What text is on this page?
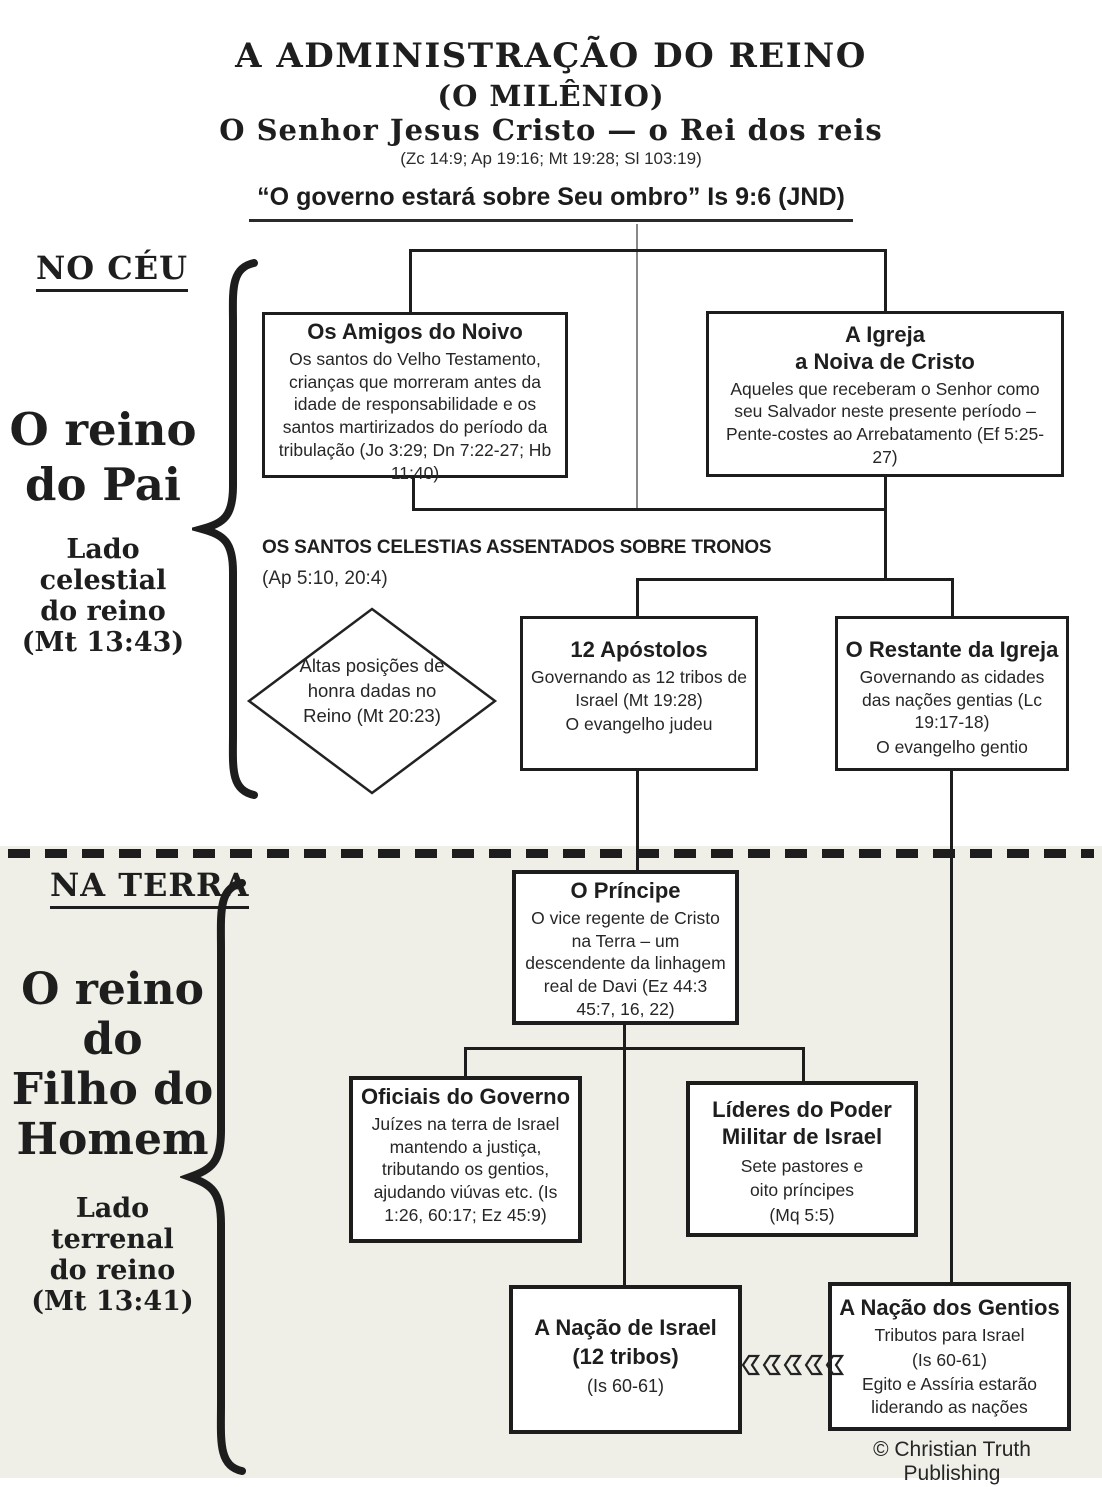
A ADMINISTRAÇÃO DO REINO
(O MILÊNIO)
O Senhor Jesus Cristo — o Rei dos reis
(Zc 14:9; Ap 19:16; Mt 19:28; Sl 103:19)
“O governo estará sobre Seu ombro” Is 9:6 (JND)
NO CÉU
O reino
do Pai
Lado
celestial
do reino
(Mt 13:43)
Os Amigos do Noivo
Os santos do Velho Testamento, crianças que morreram antes da idade de responsabilidade e os santos martirizados do período da tribulação (Jo 3:29; Dn 7:22-27; Hb 11:40)
A Igreja
a Noiva de Cristo
Aqueles que receberam o Senhor como seu Salvador neste presente período – Pente-costes ao Arrebatamento (Ef 5:25-27)
OS SANTOS CELESTIAS ASSENTADOS SOBRE TRONOS
(Ap 5:10, 20:4)
Altas posições de honra dadas no Reino (Mt 20:23)
12 Apóstolos
Governando as 12 tribos de Israel (Mt 19:28)
O evangelho judeu
O Restante da Igreja
Governando as cidades das nações gentias (Lc 19:17-18)
O evangelho gentio
NA TERRA
O reino
do
Filho do
Homem
Lado
terrenal
do reino
(Mt 13:41)
O Príncipe
O vice regente de Cristo na Terra – um descendente da linhagem real de Davi (Ez 44:3 45:7, 16, 22)
Oficiais do Governo
Juízes na terra de Israel mantendo a justiça, tributando os gentios, ajudando viúvas etc. (Is 1:26, 60:17; Ez 45:9)
Líderes do Poder
Militar de Israel
Sete pastores e
oito príncipes
(Mq 5:5)
A Nação de Israel
(12 tribos)
(Is 60-61)
A Nação dos Gentios
Tributos para Israel
(Is 60-61)
Egito e Assíria estarão liderando as nações
© Christian Truth Publishing
